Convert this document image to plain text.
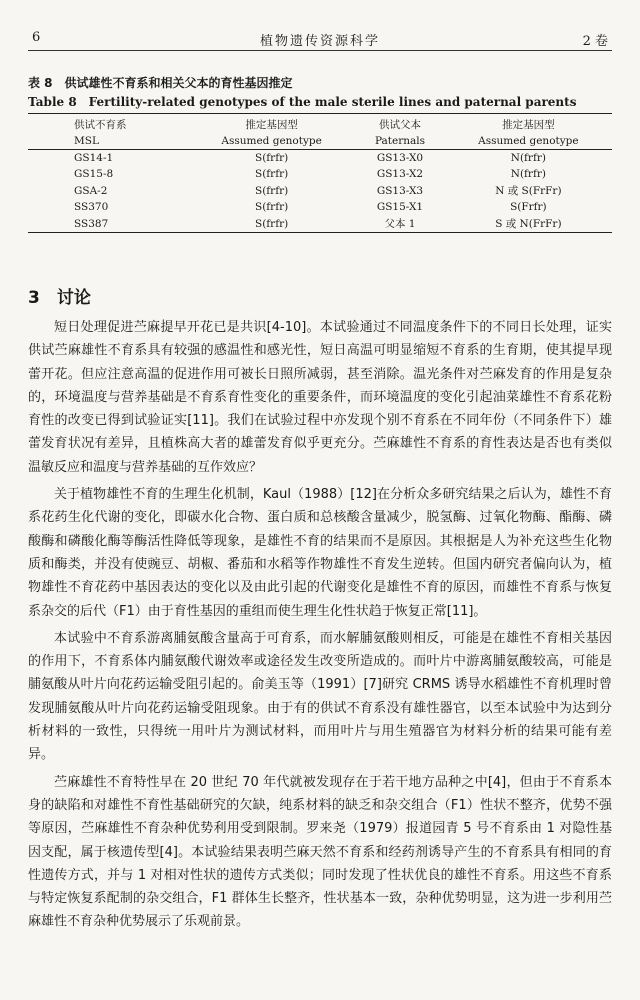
6	植物遗传资源科学	2 卷
表 8　供试雄性不育系和相关父本的育性基因推定
Table 8　Fertility-related genotypes of the male sterile lines and paternal parents
供试不育系	推定基因型	供试父本	推定基因型
MSL	Assumed genotype	Paternals	Assumed genotype
GS14-1	S(frfr)	GS13-X0	N(frfr)
GS15-8	S(frfr)	GS13-X2	N(frfr)
GSA-2	S(frfr)	GS13-X3	N 或 S(FrFr)
SS370	S(frfr)	GS15-X1	S(Frfr)
SS387	S(frfr)	父本 1	S 或 N(FrFr)
3　讨论

短日处理促进苎麻提早开花已是共识[4-10]。本试验通过不同温度条件下的不同日长处理，证实供试苎麻雄性不育系具有较强的感温性和感光性，短日高温可明显缩短不育系的生育期，使其提早现蕾开花。但应注意高温的促进作用可被长日照所减弱，甚至消除。温光条件对苎麻发育的作用是复杂的，环境温度与营养基础是不育系育性变化的重要条件，而环境温度的变化引起油菜雄性不育系花粉育性的改变已得到试验证实[11]。我们在试验过程中亦发现个别不育系在不同年份（不同条件下）雄蕾发育状况有差异，且植株高大者的雄蕾发育似乎更充分。苎麻雄性不育系的育性表达是否也有类似温敏反应和温度与营养基础的互作效应？

关于植物雄性不育的生理生化机制，Kaul（1988）[12]在分析众多研究结果之后认为，雄性不育系花药生化代谢的变化，即碳水化合物、蛋白质和总核酸含量减少，脱氢酶、过氧化物酶、酯酶、磷酸酶和磷酸化酶等酶活性降低等现象，是雄性不育的结果而不是原因。其根据是人为补充这些生化物质和酶类，并没有使豌豆、胡椒、番茄和水稻等作物雄性不育发生逆转。但国内研究者偏向认为，植物雄性不育花药中基因表达的变化以及由此引起的代谢变化是雄性不育的原因，而雄性不育系与恢复系杂交的后代（F1）由于育性基因的重组而使生理生化性状趋于恢复正常[11]。

本试验中不育系游离脯氨酸含量高于可育系，而水解脯氨酸则相反，可能是在雄性不育相关基因的作用下，不育系体内脯氨酸代谢效率或途径发生改变所造成的。而叶片中游离脯氨酸较高，可能是脯氨酸从叶片向花药运输受阻引起的。俞美玉等（1991）[7]研究 CRMS 诱导水稻雄性不育机理时曾发现脯氨酸从叶片向花药运输受阻现象。由于有的供试不育系没有雄性器官，以至本试验中为达到分析材料的一致性，只得统一用叶片为测试材料，而用叶片与用生殖器官为材料分析的结果可能有差异。

苎麻雄性不育特性早在 20 世纪 70 年代就被发现存在于若干地方品种之中[4]，但由于不育系本身的缺陷和对雄性不育性基础研究的欠缺，纯系材料的缺乏和杂交组合（F1）性状不整齐，优势不强等原因，苎麻雄性不育杂种优势利用受到限制。罗来尧（1979）报道园青 5 号不育系由 1 对隐性基因支配，属于核遗传型[4]。本试验结果表明苎麻天然不育系和经药剂诱导产生的不育系具有相同的育性遗传方式，并与 1 对相对性状的遗传方式类似；同时发现了性状优良的雄性不育系。用这些不育系与特定恢复系配制的杂交组合，F1 群体生长整齐，性状基本一致，杂种优势明显，这为进一步利用苎麻雄性不育杂种优势展示了乐观前景。
